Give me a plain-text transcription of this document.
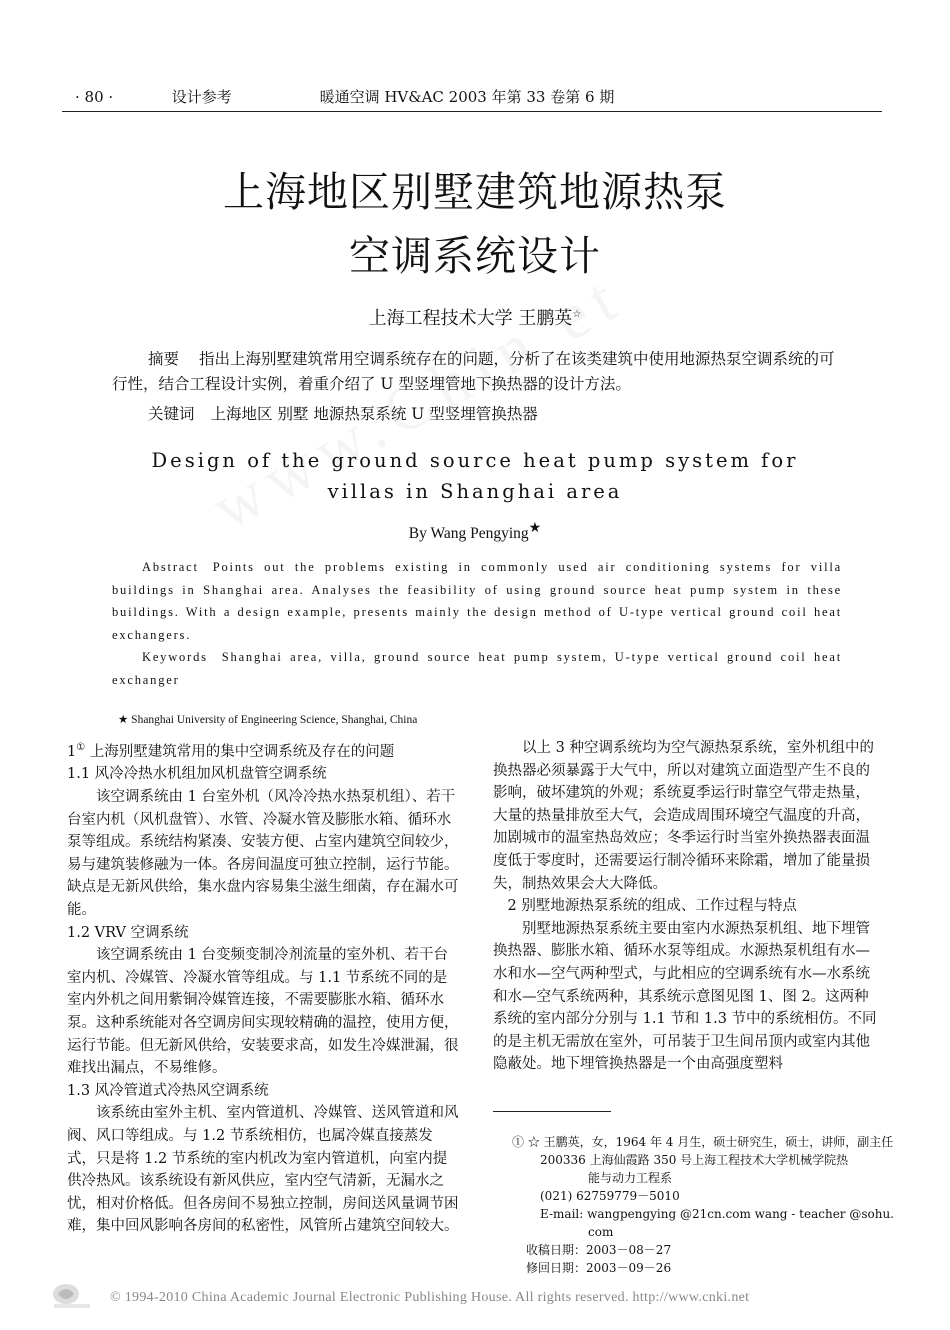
· 80 ·	设计参考	暖通空调 HV&AC 2003 年第 33 卷第 6 期
上海地区别墅建筑地源热泵
空调系统设计
上海工程技术大学 王鹏英☆
摘要 指出上海别墅建筑常用空调系统存在的问题，分析了在该类建筑中使用地源热泵空调系统的可行性，结合工程设计实例，着重介绍了 U 型竖埋管地下换热器的设计方法。
关键词 上海地区 别墅 地源热泵系统 U 型竖埋管换热器
Design of the ground source heat pump system for
villas in Shanghai area
By Wang Pengying★
Abstract Points out the problems existing in commonly used air conditioning systems for villa buildings in Shanghai area. Analyses the feasibility of using ground source heat pump system in these buildings. With a design example, presents mainly the design method of U-type vertical ground coil heat exchangers.
Keywords Shanghai area, villa, ground source heat pump system, U-type vertical ground coil heat exchanger
★ Shanghai University of Engineering Science, Shanghai, China

1① 上海别墅建筑常用的集中空调系统及存在的问题

1.1 风冷冷热水机组加风机盘管空调系统

该空调系统由 1 台室外机（风冷冷热水热泵机组）、若干台室内机（风机盘管）、水管、冷凝水管及膨胀水箱、循环水泵等组成。系统结构紧凑、安装方便、占室内建筑空间较少，易与建筑装修融为一体。各房间温度可独立控制，运行节能。缺点是无新风供给，集水盘内容易集尘滋生细菌，存在漏水可能。

1.2 VRV 空调系统

该空调系统由 1 台变频变制冷剂流量的室外机、若干台室内机、冷媒管、冷凝水管等组成。与 1.1 节系统不同的是室内外机之间用紫铜冷媒管连接，不需要膨胀水箱、循环水泵。这种系统能对各空调房间实现较精确的温控，使用方便，运行节能。但无新风供给，安装要求高，如发生冷媒泄漏，很难找出漏点，不易维修。

1.3 风冷管道式冷热风空调系统

该系统由室外主机、室内管道机、冷媒管、送风管道和风阀、风口等组成。与 1.2 节系统相仿，也属冷媒直接蒸发式，只是将 1.2 节系统的室内机改为室内管道机，向室内提供冷热风。该系统设有新风供应，室内空气清新，无漏水之忧，相对价格低。但各房间不易独立控制，房间送风量调节困难，集中回风影响各房间的私密性，风管所占建筑空间较大。

以上 3 种空调系统均为空气源热泵系统，室外机组中的换热器必须暴露于大气中，所以对建筑立面造型产生不良的影响，破坏建筑的外观；系统夏季运行时靠空气带走热量，大量的热量排放至大气，会造成周围环境空气温度的升高，加剧城市的温室热岛效应；冬季运行时当室外换热器表面温度低于零度时，还需要运行制冷循环来除霜，增加了能量损失，制热效果会大大降低。

2 别墅地源热泵系统的组成、工作过程与特点

别墅地源热泵系统主要由室内水源热泵机组、地下埋管换热器、膨胀水箱、循环水泵等组成。水源热泵机组有水—水和水—空气两种型式，与此相应的空调系统有水—水系统和水—空气系统两种，其系统示意图见图 1、图 2。这两种系统的室内部分分别与 1.1 节和 1.3 节中的系统相仿。不同的是主机无需放在室外，可吊装于卫生间吊顶内或室内其他隐蔽处。地下埋管换热器是一个由高强度塑料

① ☆ 王鹏英，女，1964 年 4 月生，硕士研究生，硕士，讲师，副主任
200336 上海仙霞路 350 号上海工程技术大学机械学院热
能与动力工程系
(021) 62759779－5010
E-mail: wangpengying @21cn.com wang - teacher @sohu.
com
收稿日期：2003－08－27
修回日期：2003－09－26
© 1994-2010 China Academic Journal Electronic Publishing House. All rights reserved. http://www.cnki.net
